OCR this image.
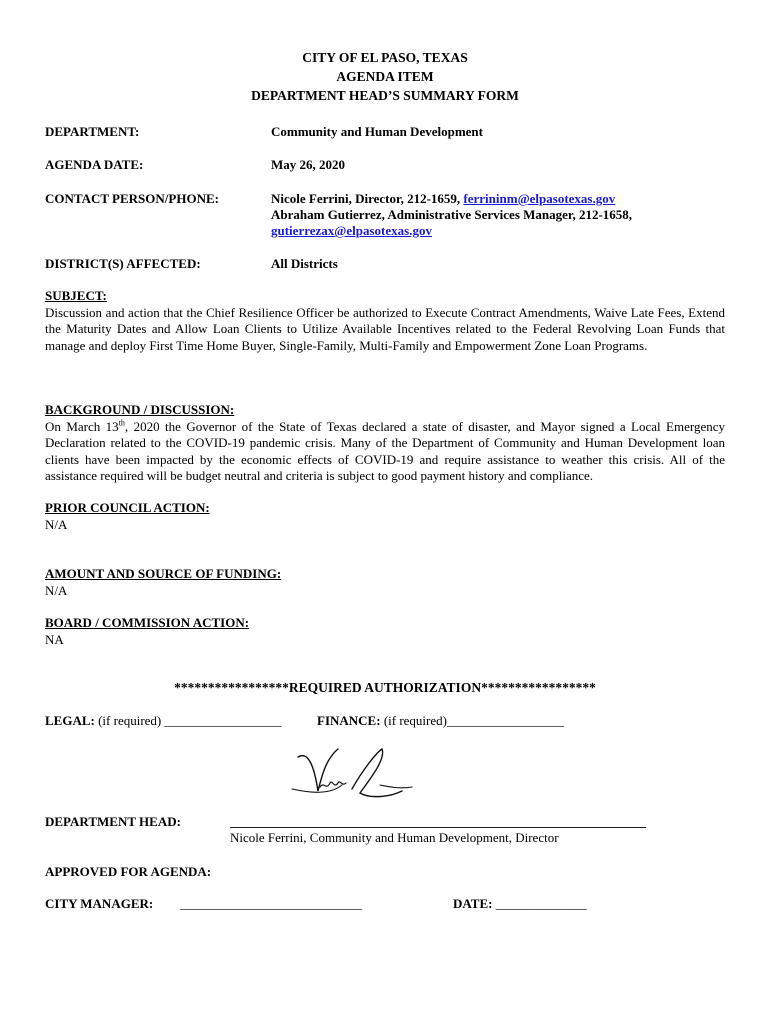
CITY OF EL PASO, TEXAS
AGENDA ITEM
DEPARTMENT HEAD’S SUMMARY FORM
DEPARTMENT:	Community and Human Development
AGENDA DATE:	May 26, 2020
CONTACT PERSON/PHONE:	Nicole Ferrini, Director, 212-1659, ferrininm@elpasotexas.gov
Abraham Gutierrez, Administrative Services Manager, 212-1658,
gutierrezax@elpasotexas.gov
DISTRICT(S) AFFECTED:	All Districts
SUBJECT:
Discussion and action that the Chief Resilience Officer be authorized to Execute Contract Amendments, Waive Late Fees, Extend the Maturity Dates and Allow Loan Clients to Utilize Available Incentives related to the Federal Revolving Loan Funds that manage and deploy First Time Home Buyer, Single-Family, Multi-Family and Empowerment Zone Loan Programs.
BACKGROUND / DISCUSSION:
On March 13th, 2020 the Governor of the State of Texas declared a state of disaster, and Mayor signed a Local Emergency Declaration related to the COVID-19 pandemic crisis. Many of the Department of Community and Human Development loan clients have been impacted by the economic effects of COVID-19 and require assistance to weather this crisis. All of the assistance required will be budget neutral and criteria is subject to good payment history and compliance.
PRIOR COUNCIL ACTION:
N/A
AMOUNT AND SOURCE OF FUNDING:
N/A
BOARD / COMMISSION ACTION:
NA
*****************REQUIRED AUTHORIZATION*****************
LEGAL: (if required) __________________	FINANCE: (if required)__________________
DEPARTMENT HEAD:	________________________________________________________________
Nicole Ferrini, Community and Human Development, Director
APPROVED FOR AGENDA:
CITY MANAGER: ____________________________	DATE: ______________
